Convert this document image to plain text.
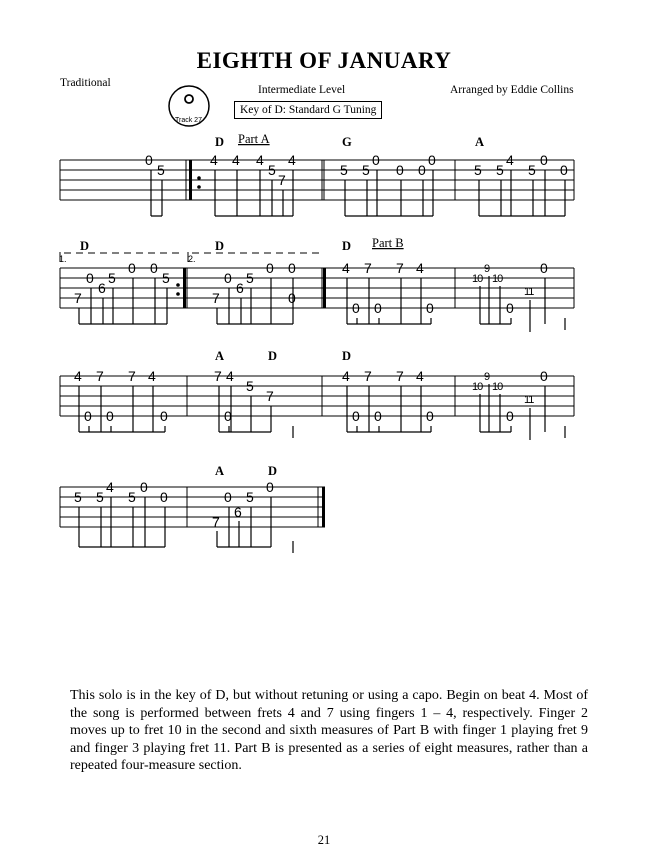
EIGHTH OF JANUARY
Traditional
Intermediate Level	Arranged by Eddie Collins
Key of D: Standard G Tuning
Track 27
D Part A	G	A
0
5
4 4 4
5
7
4
5 5
0
0 0
0
5 5
4
5
0
0
1.	2.
D	D	D Part B
7
0
6
5
0 0
5
7
0
6
5
0 0
0
4 7
0 0
7 4
0
0
0
10
9
10
11
A	D	D
4 7
0 0
7 4
0
7 4
5
7
0
4 7
0 0
7 4
0
0
0
10
9
10
11
A	D
5 5
4
5
0
0
7
0
6
5
0
This solo is in the key of D, but without retuning or using a capo. Begin on beat 4. Most of the song is performed between frets 4 and 7 using fingers 1 – 4, respectively. Finger 2 moves up to fret 10 in the second and sixth measures of Part B with finger 1 playing fret 9 and finger 3 playing fret 11. Part B is presented as a series of eight measures, rather than a repeated four-measure section.
21
